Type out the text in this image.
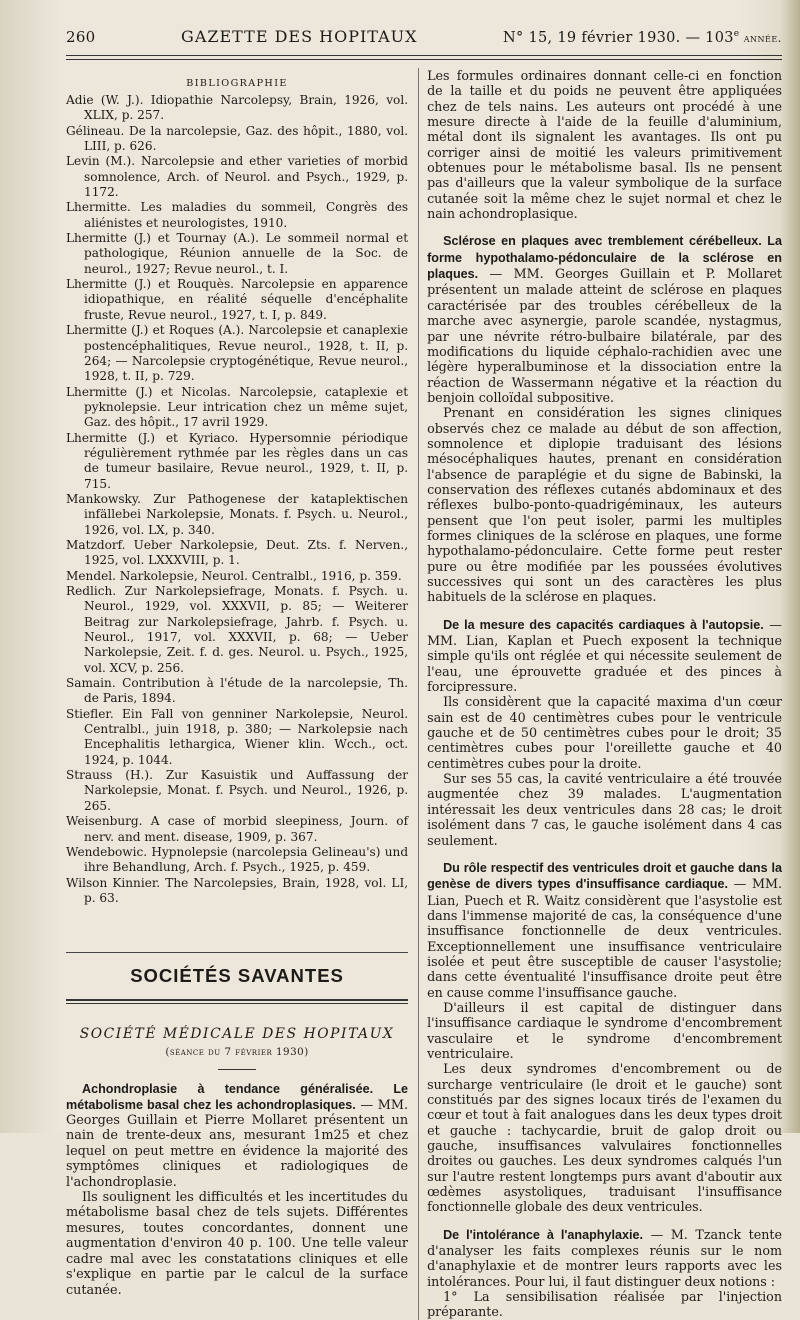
260	GAZETTE DES HOPITAUX	N° 15, 19 février 1930. — 103e année.
BIBLIOGRAPHIE

Adie (W. J.). Idiopathie Narcolepsy, Brain, 1926, vol. XLIX, p. 257.

Gélineau. De la narcolepsie, Gaz. des hôpit., 1880, vol. LIII, p. 626.

Levin (M.). Narcolepsie and ether varieties of morbid somnolence, Arch. of Neurol. and Psych., 1929, p. 1172.

Lhermitte. Les maladies du sommeil, Congrès des aliénistes et neurologistes, 1910.

Lhermitte (J.) et Tournay (A.). Le sommeil normal et pathologique, Réunion annuelle de la Soc. de neurol., 1927; Revue neurol., t. I.

Lhermitte (J.) et Rouquès. Narcolepsie en apparence idiopathique, en réalité séquelle d'encéphalite fruste, Revue neurol., 1927, t. I, p. 849.

Lhermitte (J.) et Roques (A.). Narcolepsie et canaplexie postencéphalitiques, Revue neurol., 1928, t. II, p. 264; — Narcolepsie cryptogénétique, Revue neurol., 1928, t. II, p. 729.

Lhermitte (J.) et Nicolas. Narcolepsie, cataplexie et pyknolepsie. Leur intrication chez un même sujet, Gaz. des hôpit., 17 avril 1929.

Lhermitte (J.) et Kyriaco. Hypersomnie périodique régulièrement rythmée par les règles dans un cas de tumeur basilaire, Revue neurol., 1929, t. II, p. 715.

Mankowsky. Zur Pathogenese der kataplektischen infällebei Narkolepsie, Monats. f. Psych. u. Neurol., 1926, vol. LX, p. 340.

Matzdorf. Ueber Narkolepsie, Deut. Zts. f. Nerven., 1925, vol. LXXXVIII, p. 1.

Mendel. Narkolepsie, Neurol. Centralbl., 1916, p. 359.

Redlich. Zur Narkolepsiefrage, Monats. f. Psych. u. Neurol., 1929, vol. XXXVII, p. 85; — Weiterer Beitrag zur Narkolepsiefrage, Jahrb. f. Psych. u. Neurol., 1917, vol. XXXVII, p. 68; — Ueber Narkolepsie, Zeit. f. d. ges. Neurol. u. Psych., 1925, vol. XCV, p. 256.

Samain. Contribution à l'étude de la narcolepsie, Th. de Paris, 1894.

Stiefler. Ein Fall von genniner Narkolepsie, Neurol. Centralbl., juin 1918, p. 380; — Narkolepsie nach Encephalitis lethargica, Wiener klin. Wcch., oct. 1924, p. 1044.

Strauss (H.). Zur Kasuistik und Auffassung der Narkolepsie, Monat. f. Psych. und Neurol., 1926, p. 265.

Weisenburg. A case of morbid sleepiness, Journ. of nerv. and ment. disease, 1909, p. 367.

Wendebowic. Hypnolepsie (narcolepsia Gelineau's) und ihre Behandlung, Arch. f. Psych., 1925, p. 459.

Wilson Kinnier. The Narcolepsies, Brain, 1928, vol. LI, p. 63.

SOCIÉTÉS SAVANTES
SOCIÉTÉ MÉDICALE DES HOPITAUX
(séance du 7 février 1930)

Achondroplasie à tendance généralisée. Le métabolisme basal chez les achondroplasiques. — MM. Georges Guillain et Pierre Mollaret présentent un nain de trente-deux ans, mesurant 1m25 et chez lequel on peut mettre en évidence la majorité des symptômes cliniques et radiologiques de l'achondroplasie.

Ils soulignent les difficultés et les incertitudes du métabolisme basal chez de tels sujets. Différentes mesures, toutes concordantes, donnent une augmentation d'environ 40 p. 100. Une telle valeur cadre mal avec les constatations cliniques et elle s'explique en partie par le calcul de la surface cutanée.

Les formules ordinaires donnant celle-ci en fonction de la taille et du poids ne peuvent être appliquées chez de tels nains. Les auteurs ont procédé à une mesure directe à l'aide de la feuille d'aluminium, métal dont ils signalent les avantages. Ils ont pu corriger ainsi de moitié les valeurs primitivement obtenues pour le métabolisme basal. Ils ne pensent pas d'ailleurs que la valeur symbolique de la surface cutanée soit la même chez le sujet normal et chez le nain achondroplasique.

Sclérose en plaques avec tremblement cérébelleux. La forme hypothalamo-pédonculaire de la sclérose en plaques. — MM. Georges Guillain et P. Mollaret présentent un malade atteint de sclérose en plaques caractérisée par des troubles cérébelleux de la marche avec asynergie, parole scandée, nystagmus, par une névrite rétro-bulbaire bilatérale, par des modifications du liquide céphalo-rachidien avec une légère hyperalbuminose et la dissociation entre la réaction de Wassermann négative et la réaction du benjoin colloïdal subpositive.

Prenant en considération les signes cliniques observés chez ce malade au début de son affection, somnolence et diplopie traduisant des lésions mésocéphaliques hautes, prenant en considération l'absence de paraplégie et du signe de Babinski, la conservation des réflexes cutanés abdominaux et des réflexes bulbo-ponto-quadrigéminaux, les auteurs pensent que l'on peut isoler, parmi les multiples formes cliniques de la sclérose en plaques, une forme hypothalamo-pédonculaire. Cette forme peut rester pure ou être modifiée par les poussées évolutives successives qui sont un des caractères les plus habituels de la sclérose en plaques.

De la mesure des capacités cardiaques à l'autopsie. — MM. Lian, Kaplan et Puech exposent la technique simple qu'ils ont réglée et qui nécessite seulement de l'eau, une éprouvette graduée et des pinces à forcipressure.

Ils considèrent que la capacité maxima d'un cœur sain est de 40 centimètres cubes pour le ventricule gauche et de 50 centimètres cubes pour le droit; 35 centimètres cubes pour l'oreillette gauche et 40 centimètres cubes pour la droite.

Sur ses 55 cas, la cavité ventriculaire a été trouvée augmentée chez 39 malades. L'augmentation intéressait les deux ventricules dans 28 cas; le droit isolément dans 7 cas, le gauche isolément dans 4 cas seulement.

Du rôle respectif des ventricules droit et gauche dans la genèse de divers types d'insuffisance cardiaque. — MM. Lian, Puech et R. Waitz considèrent que l'asystolie est dans l'immense majorité de cas, la conséquence d'une insuffisance fonctionnelle de deux ventricules. Exceptionnellement une insuffisance ventriculaire isolée et peut être susceptible de causer l'asystolie; dans cette éventualité l'insuffisance droite peut être en cause comme l'insuffisance gauche.

D'ailleurs il est capital de distinguer dans l'insuffisance cardiaque le syndrome d'encombrement vasculaire et le syndrome d'encombrement ventriculaire.

Les deux syndromes d'encombrement ou de surcharge ventriculaire (le droit et le gauche) sont constitués par des signes locaux tirés de l'examen du cœur et tout à fait analogues dans les deux types droit et gauche : tachycardie, bruit de galop droit ou gauche, insuffisances valvulaires fonctionnelles droites ou gauches. Les deux syndromes calqués l'un sur l'autre restent longtemps purs avant d'aboutir aux œdèmes asystoliques, traduisant l'insuffisance fonctionnelle globale des deux ventricules.

De l'intolérance à l'anaphylaxie. — M. Tzanck tente d'analyser les faits complexes réunis sur le nom d'anaphylaxie et de montrer leurs rapports avec les intolérances. Pour lui, il faut distinguer deux notions :

1° La sensibilisation réalisée par l'injection préparante.
